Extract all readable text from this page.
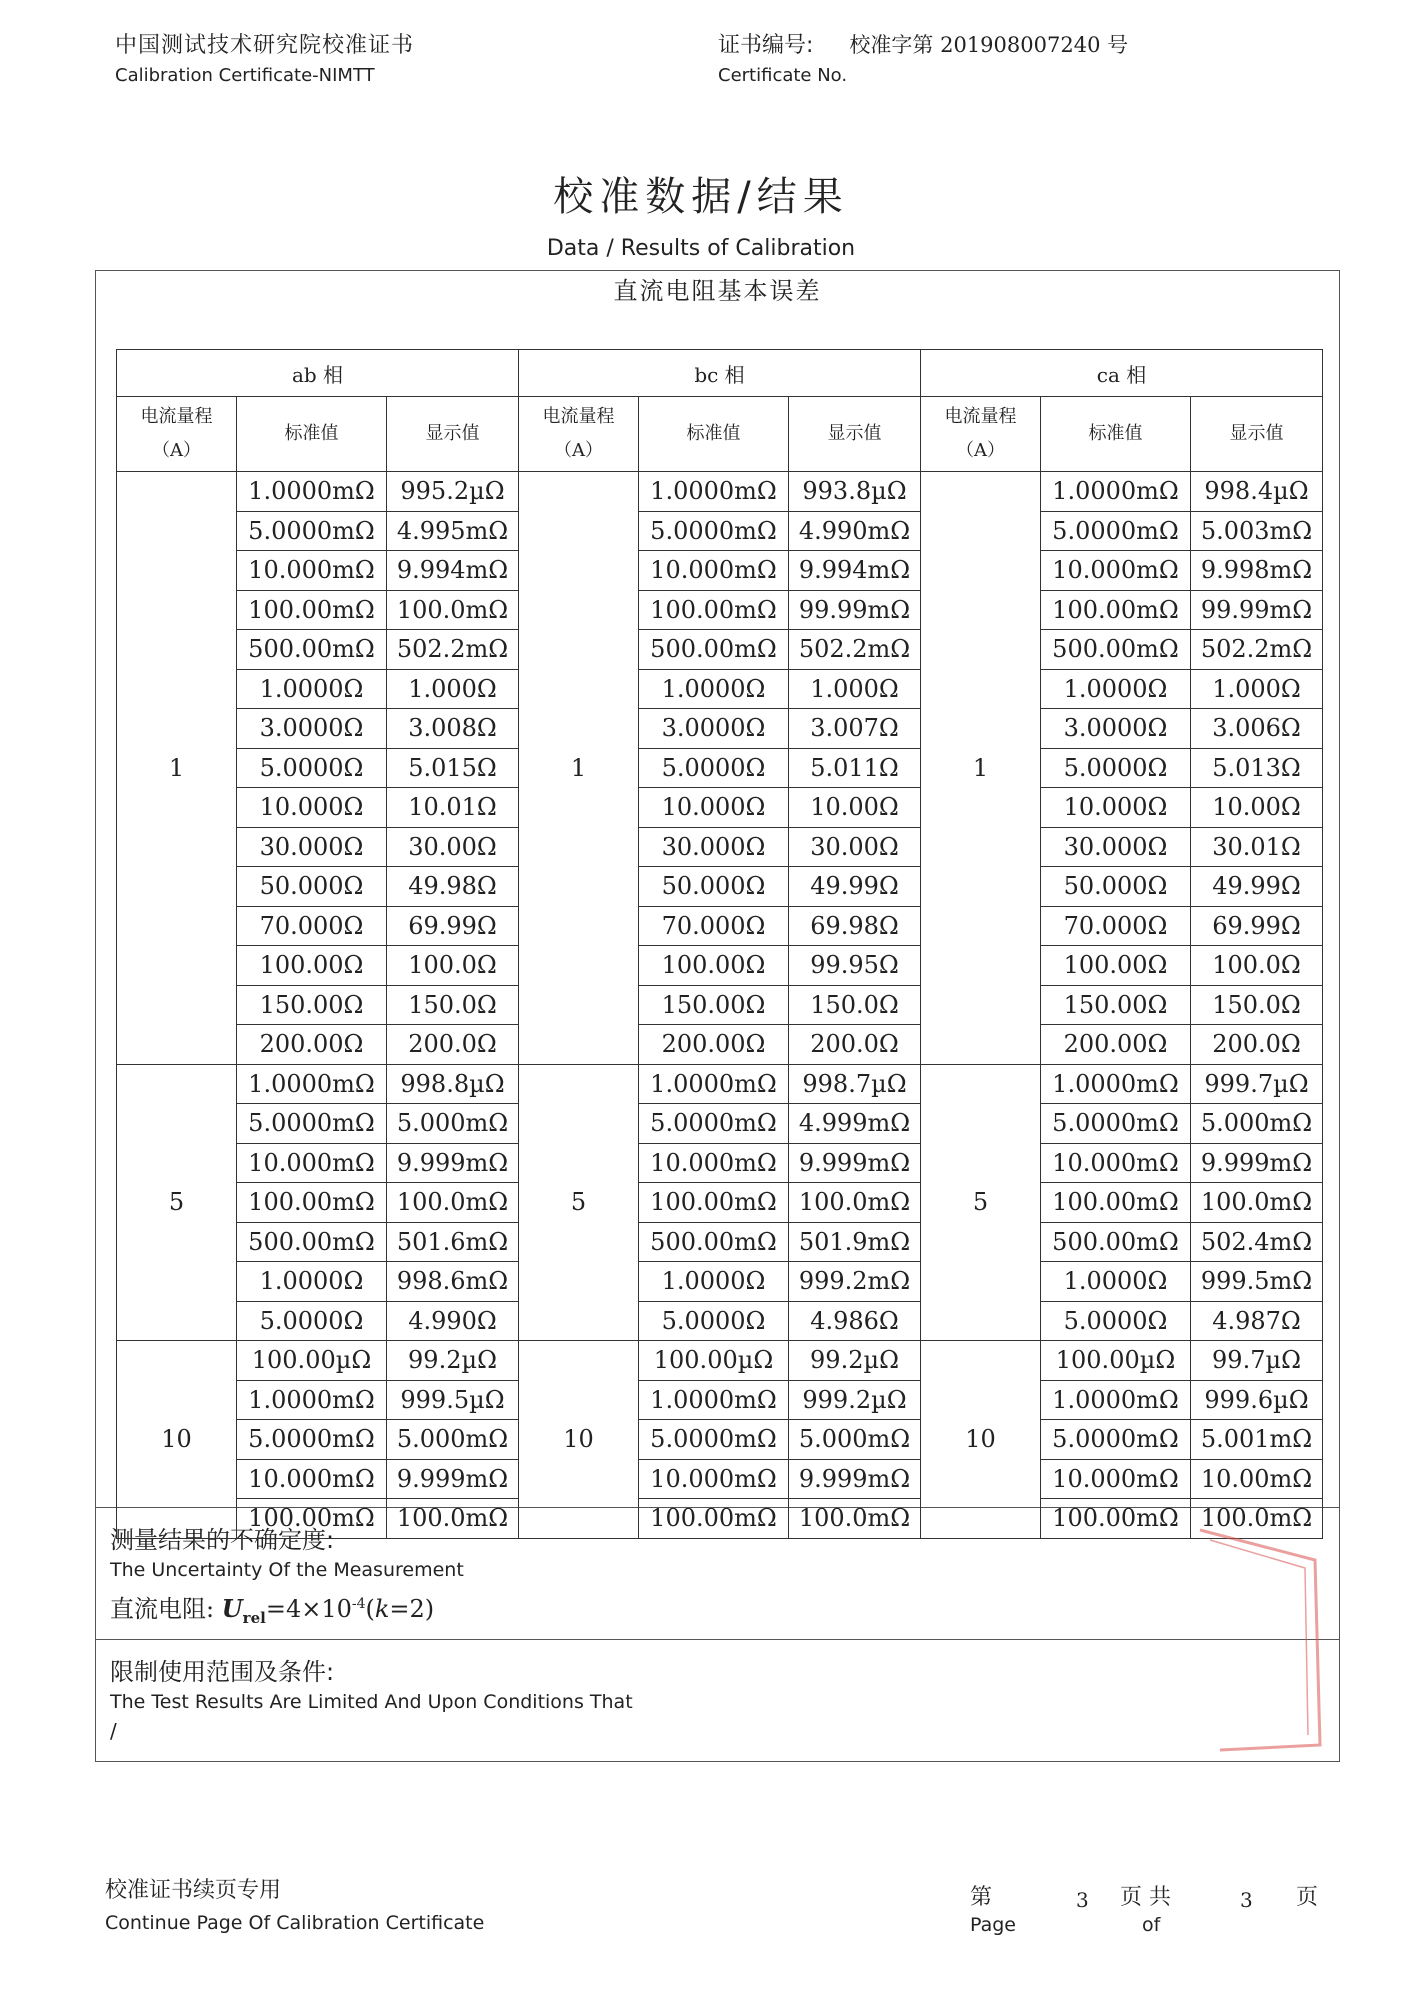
中国测试技术研究院校准证书
Calibration Certificate-NIMTT
证书编号: 校准字第 201908007240 号
Certificate No.
校准数据/结果
Data / Results of Calibration
直流电阻基本误差
ab 相		
电流量程
（A）	标准值	显示值
1	1.0000mΩ	995.2µΩ
	5.0000mΩ	4.995mΩ
	10.000mΩ	9.994mΩ
	100.00mΩ	100.0mΩ
	500.00mΩ	502.2mΩ
	1.0000Ω	1.000Ω
	3.0000Ω	3.008Ω
	5.0000Ω	5.015Ω
	10.000Ω	10.01Ω
	30.000Ω	30.00Ω
	50.000Ω	49.98Ω
	70.000Ω	69.99Ω
	100.00Ω	100.0Ω
	150.00Ω	150.0Ω
	200.00Ω	200.0Ω
5	1.0000mΩ	998.8µΩ
	5.0000mΩ	5.000mΩ
	10.000mΩ	9.999mΩ
	100.00mΩ	100.0mΩ
	500.00mΩ	501.6mΩ
	1.0000Ω	998.6mΩ
	5.0000Ω	4.990Ω
10	100.00µΩ	99.2µΩ
	1.0000mΩ	999.5µΩ
	5.0000mΩ	5.000mΩ
	10.000mΩ	9.999mΩ
	100.00mΩ	100.0mΩ
bc 相		
电流量程
（A）	标准值	显示值
1	1.0000mΩ	993.8µΩ
	5.0000mΩ	4.990mΩ
	10.000mΩ	9.994mΩ
	100.00mΩ	99.99mΩ
	500.00mΩ	502.2mΩ
	1.0000Ω	1.000Ω
	3.0000Ω	3.007Ω
	5.0000Ω	5.011Ω
	10.000Ω	10.00Ω
	30.000Ω	30.00Ω
	50.000Ω	49.99Ω
	70.000Ω	69.98Ω
	100.00Ω	99.95Ω
	150.00Ω	150.0Ω
	200.00Ω	200.0Ω
5	1.0000mΩ	998.7µΩ
	5.0000mΩ	4.999mΩ
	10.000mΩ	9.999mΩ
	100.00mΩ	100.0mΩ
	500.00mΩ	501.9mΩ
	1.0000Ω	999.2mΩ
	5.0000Ω	4.986Ω
10	100.00µΩ	99.2µΩ
	1.0000mΩ	999.2µΩ
	5.0000mΩ	5.000mΩ
	10.000mΩ	9.999mΩ
	100.00mΩ	100.0mΩ
ca 相		
电流量程
（A）	标准值	显示值
1	1.0000mΩ	998.4µΩ
	5.0000mΩ	5.003mΩ
	10.000mΩ	9.998mΩ
	100.00mΩ	99.99mΩ
	500.00mΩ	502.2mΩ
	1.0000Ω	1.000Ω
	3.0000Ω	3.006Ω
	5.0000Ω	5.013Ω
	10.000Ω	10.00Ω
	30.000Ω	30.01Ω
	50.000Ω	49.99Ω
	70.000Ω	69.99Ω
	100.00Ω	100.0Ω
	150.00Ω	150.0Ω
	200.00Ω	200.0Ω
5	1.0000mΩ	999.7µΩ
	5.0000mΩ	5.000mΩ
	10.000mΩ	9.999mΩ
	100.00mΩ	100.0mΩ
	500.00mΩ	502.4mΩ
	1.0000Ω	999.5mΩ
	5.0000Ω	4.987Ω
10	100.00µΩ	99.7µΩ
	1.0000mΩ	999.6µΩ
	5.0000mΩ	5.001mΩ
	10.000mΩ	10.00mΩ
	100.00mΩ	100.0mΩ
测量结果的不确定度:
The Uncertainty Of the Measurement
直流电阻: $U_{rel}=4\times 10^{-4}(k=2)$
限制使用范围及条件:
The Test Results Are Limited And Upon Conditions That
/
校准证书续页专用
Continue Page Of Calibration Certificate
第
Page
3 页 共
of
3 页
